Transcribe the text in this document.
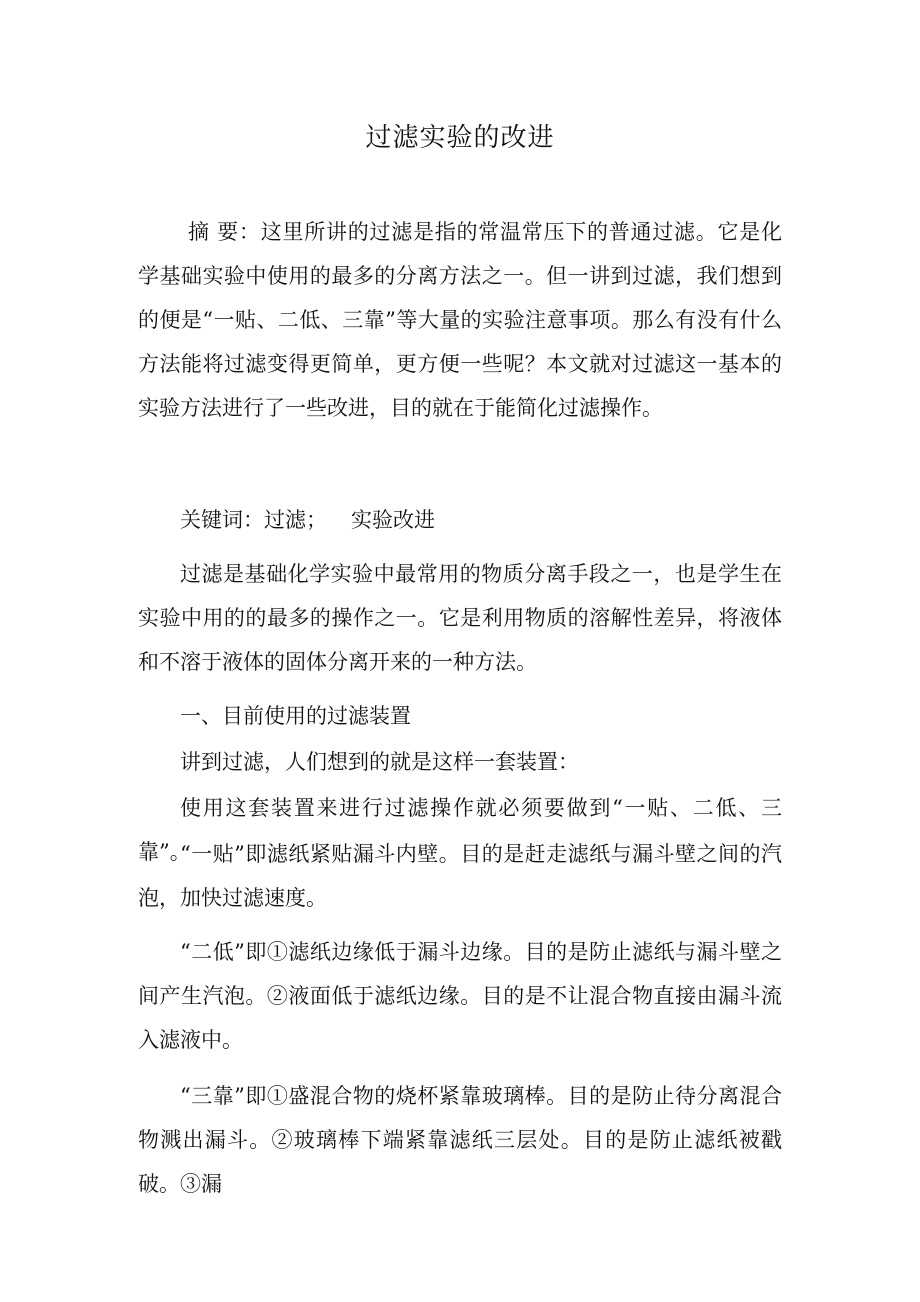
过滤实验的改进

摘 要：这里所讲的过滤是指的常温常压下的普通过滤。它是化学基础实验中使用的最多的分离方法之一。但一讲到过滤，我们想到的便是“一贴、二低、三靠”等大量的实验注意事项。那么有没有什么方法能将过滤变得更简单，更方便一些呢？本文就对过滤这一基本的实验方法进行了一些改进，目的就在于能简化过滤操作。

关键词：过滤； 实验改进

过滤是基础化学实验中最常用的物质分离手段之一，也是学生在实验中用的的最多的操作之一。它是利用物质的溶解性差异，将液体和不溶于液体的固体分离开来的一种方法。

一、目前使用的过滤装置

讲到过滤，人们想到的就是这样一套装置：

使用这套装置来进行过滤操作就必须要做到“一贴、二低、三靠”。

“一贴”即滤纸紧贴漏斗内壁。目的是赶走滤纸与漏斗壁之间的汽泡，加快过滤速度。

“二低”即①滤纸边缘低于漏斗边缘。目的是防止滤纸与漏斗壁之间产生汽泡。②液面低于滤纸边缘。目的是不让混合物直接由漏斗流入滤液中。

“三靠”即①盛混合物的烧杯紧靠玻璃棒。目的是防止待分离混合物溅出漏斗。②玻璃棒下端紧靠滤纸三层处。目的是防止滤纸被戳破。③漏
